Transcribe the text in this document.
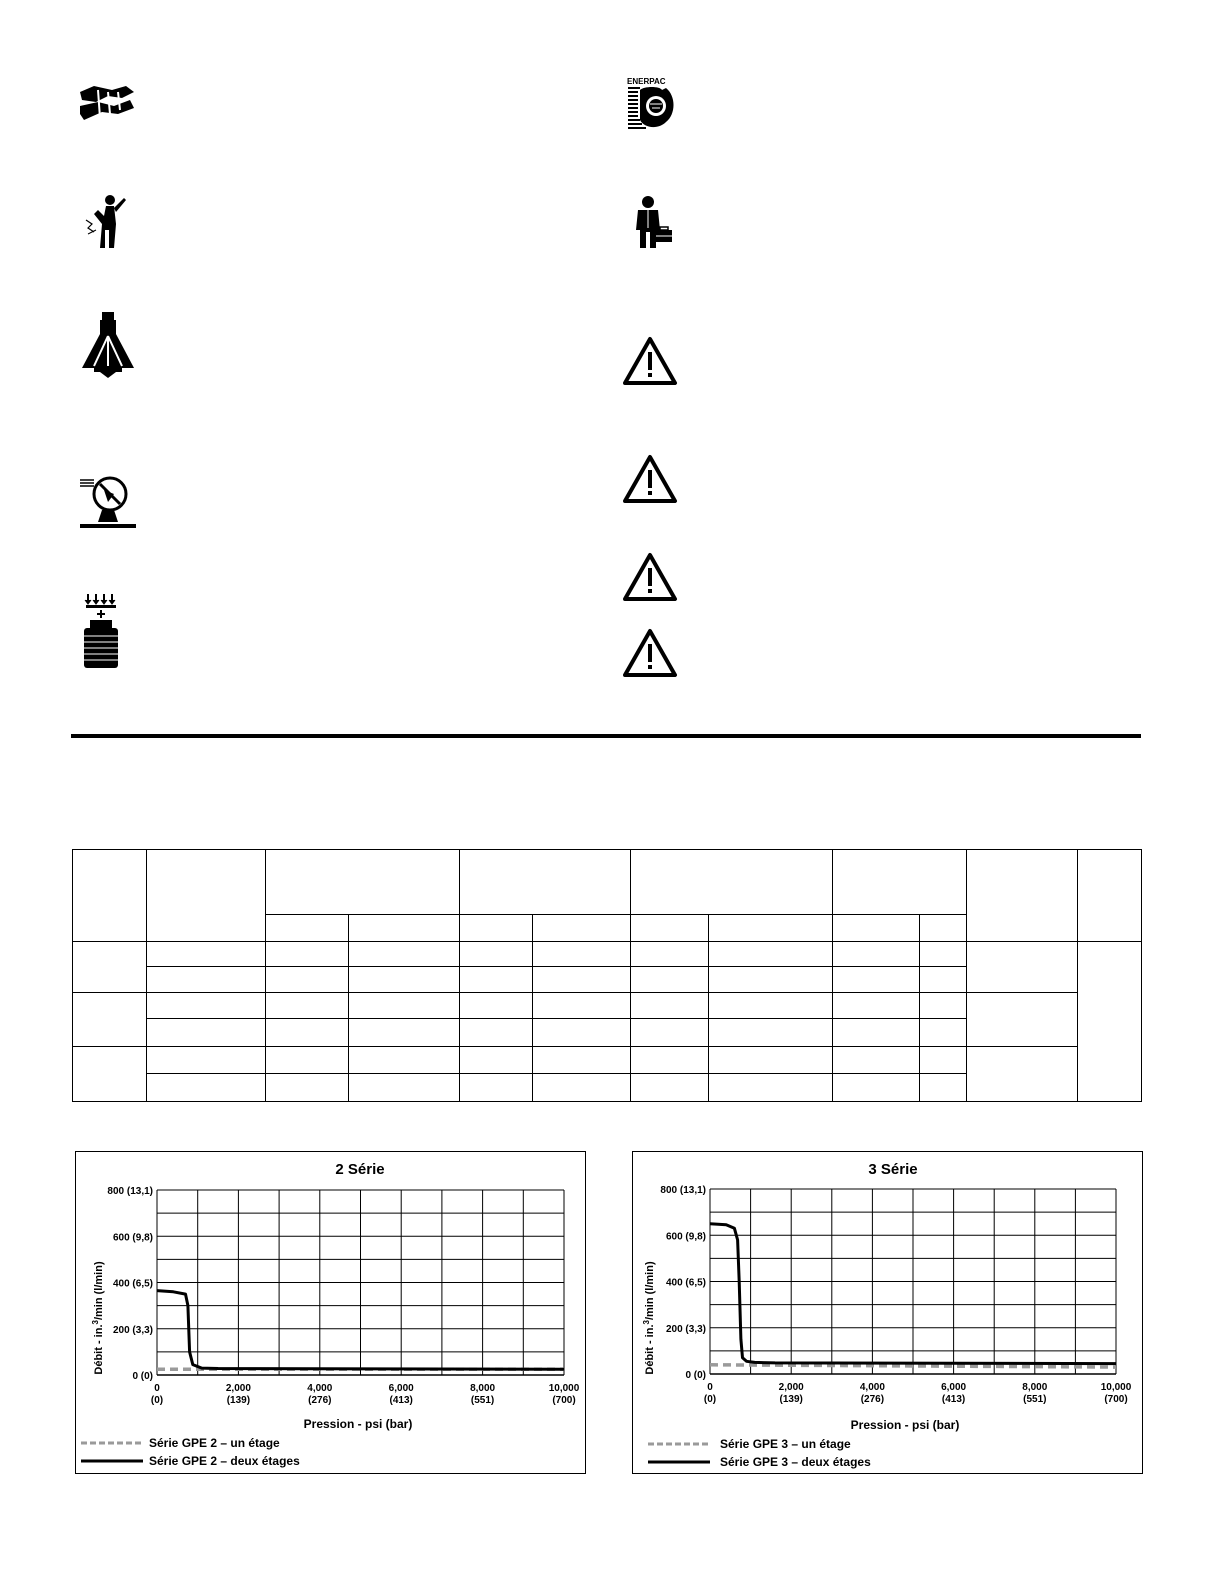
ENERPAC

2 Série
0 (0)
200 (3,3)
400 (6,5)
600 (9,8)
800 (13,1)
0
(0)
2,000
(139)
4,000
(276)
6,000
(413)
8,000
(551)
10,000
(700)
Débit - in.$^3$/min (l/min)
Pression - psi (bar)
Série GPE 2 – un étage
Série GPE 2 – deux étages
3 Série
0 (0)
200 (3,3)
400 (6,5)
600 (9,8)
800 (13,1)
0
(0)
2,000
(139)
4,000
(276)
6,000
(413)
8,000
(551)
10,000
(700)
Débit - in.$^3$/min (l/min)
Pression - psi (bar)
Série GPE 3 – un étage
Série GPE 3 – deux étages
